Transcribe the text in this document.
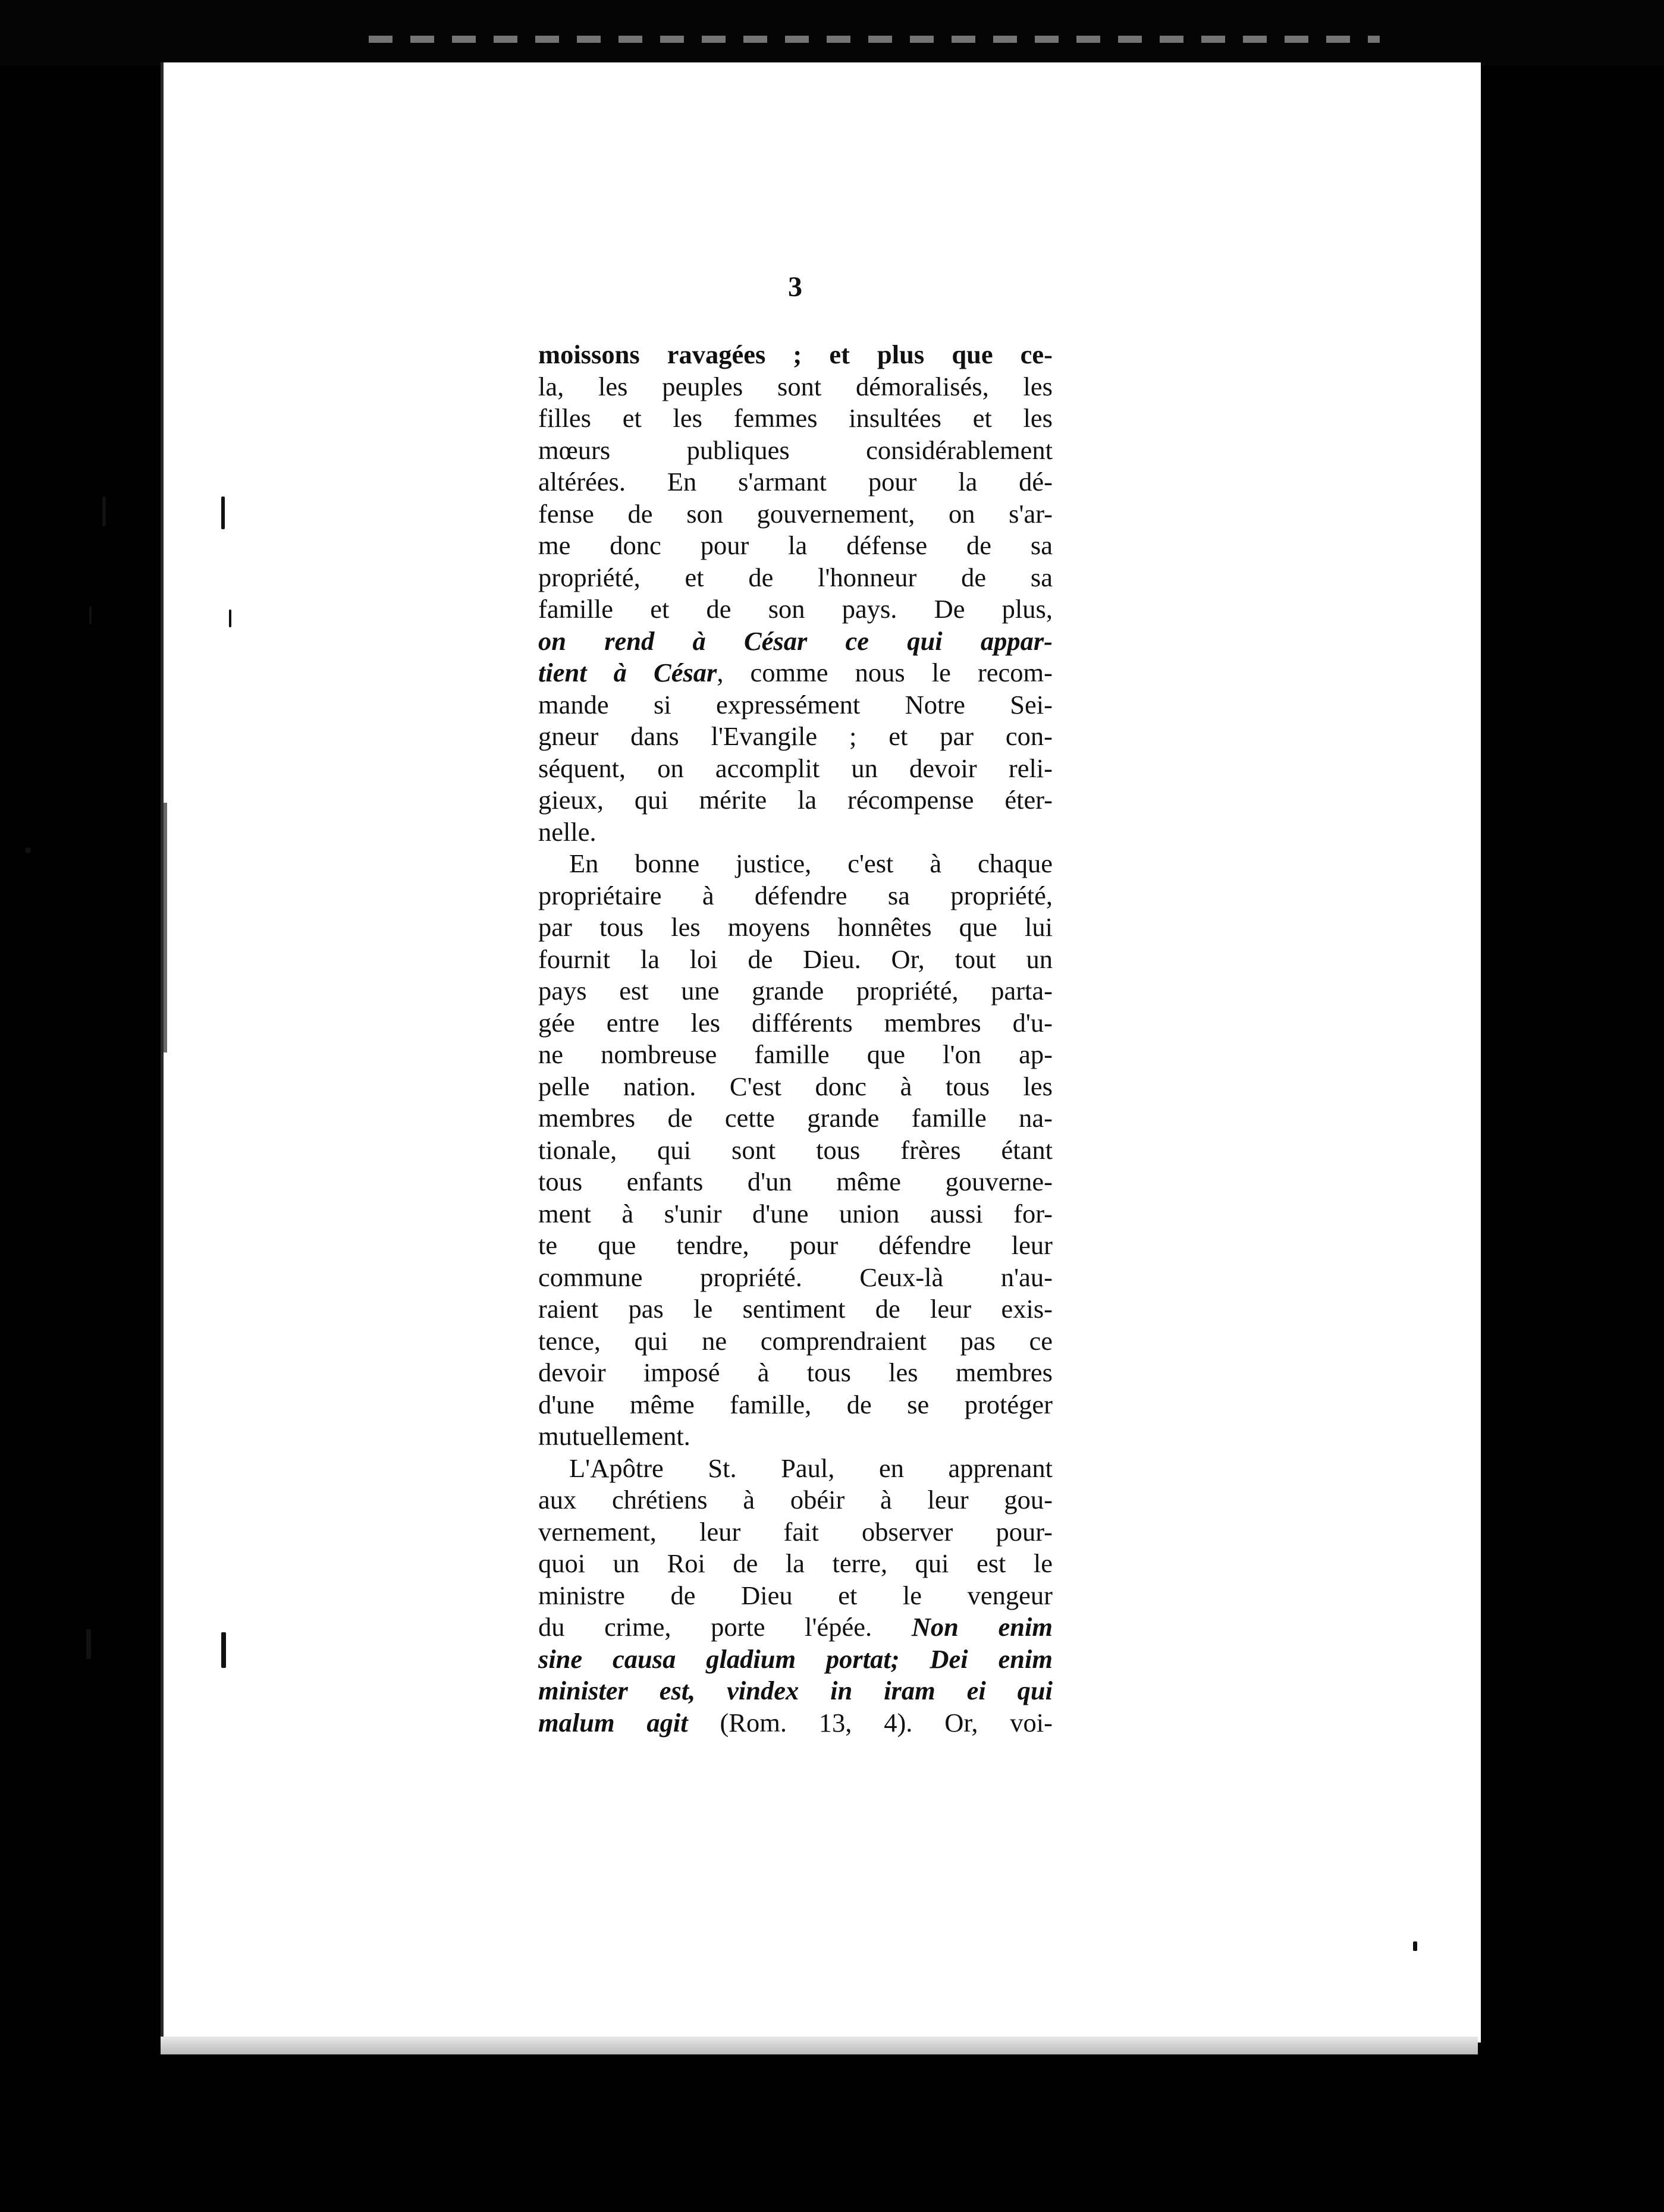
3

moissons ravagées ; et plus que ce-
la, les peuples sont démoralisés, les
filles et les femmes insultées et les
mœurs publiques considérablement
altérées. En s'armant pour la dé-
fense de son gouvernement, on s'ar-
me donc pour la défense de sa
propriété, et de l'honneur de sa
famille et de son pays. De plus,
on rend à César ce qui appar-
tient à César, comme nous le recom-
mande si expressément Notre Sei-
gneur dans l'Evangile ; et par con-
séquent, on accomplit un devoir reli-
gieux, qui mérite la récompense éter-
nelle.

En bonne justice, c'est à chaque
propriétaire à défendre sa propriété,
par tous les moyens honnêtes que lui
fournit la loi de Dieu. Or, tout un
pays est une grande propriété, parta-
gée entre les différents membres d'u-
ne nombreuse famille que l'on ap-
pelle nation. C'est donc à tous les
membres de cette grande famille na-
tionale, qui sont tous frères étant
tous enfants d'un même gouverne-
ment à s'unir d'une union aussi for-
te que tendre, pour défendre leur
commune propriété. Ceux-là n'au-
raient pas le sentiment de leur exis-
tence, qui ne comprendraient pas ce
devoir imposé à tous les membres
d'une même famille, de se protéger
mutuellement.

L'Apôtre St. Paul, en apprenant
aux chrétiens à obéir à leur gou-
vernement, leur fait observer pour-
quoi un Roi de la terre, qui est le
ministre de Dieu et le vengeur
du crime, porte l'épée. Non enim
sine causa gladium portat; Dei enim
minister est, vindex in iram ei qui
malum agit (Rom. 13, 4). Or, voi-
